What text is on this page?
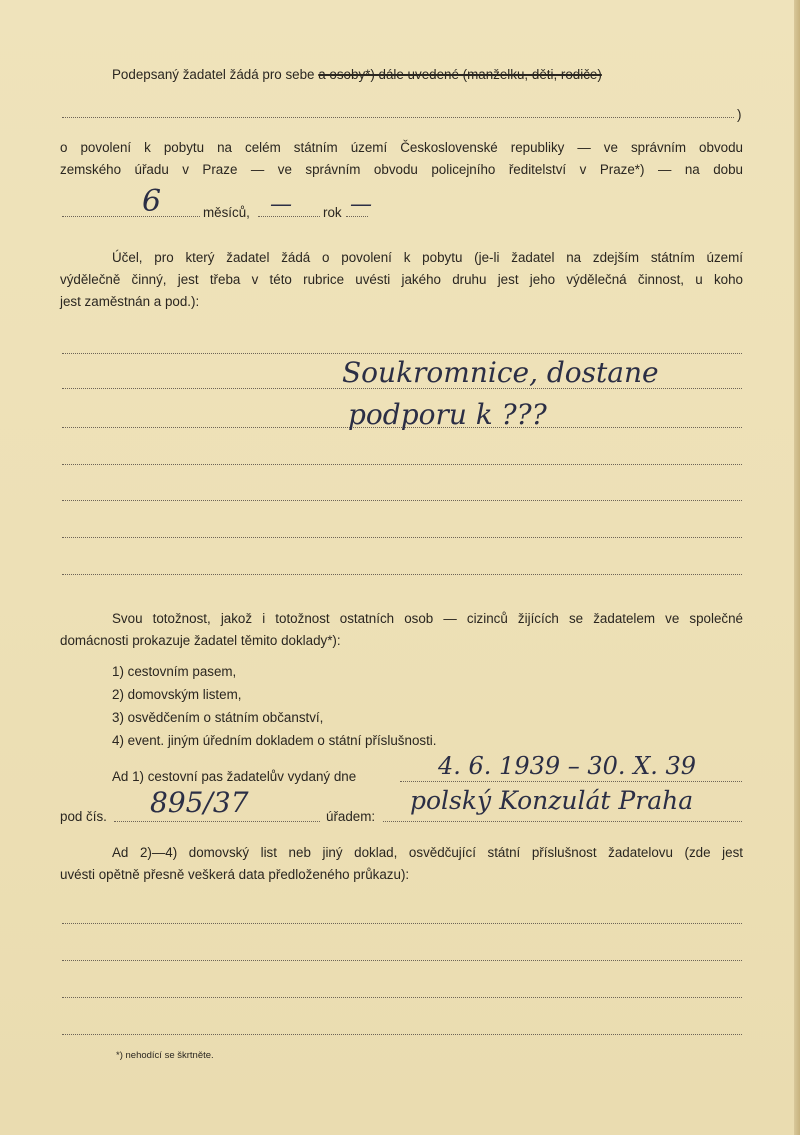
Podepsaný žadatel žádá pro sebe a osoby*) dále uvedené (manželku, děti, rodiče)

)

o povolení k pobytu na celém státním území Československé republiky — ve správním obvodu

zemského úřadu v Praze — ve správním obvodu policejního ředitelství v Praze*) — na dobu

6	měsíců, — rok —

Účel, pro který žadatel žádá o povolení k pobytu (je-li žadatel na zdejším státním území

výdělečně činný, jest třeba v této rubrice uvésti jakého druhu jest jeho výdělečná činnost, u koho

jest zaměstnán a pod.):

Soukromnice, dostane
podporu k ???

Svou totožnost, jakož i totožnost ostatních osob — cizinců žijících se žadatelem ve společné

domácnosti prokazuje žadatel těmito doklady*):

1) cestovním pasem,

2) domovským listem,

3) osvědčením o státním občanství,

4) event. jiným úředním dokladem o státní příslušnosti.

Ad 1) cestovní pas žadatelův vydaný dne	4. 6. 1939 – 30. X. 39

pod čís. 895/37	úřadem:

polský Konzulát Praha

Ad 2)—4) domovský list neb jiný doklad, osvědčující státní příslušnost žadatelovu (zde jest

uvésti opětně přesně veškerá data předloženého průkazu):

*) nehodící se škrtněte.
